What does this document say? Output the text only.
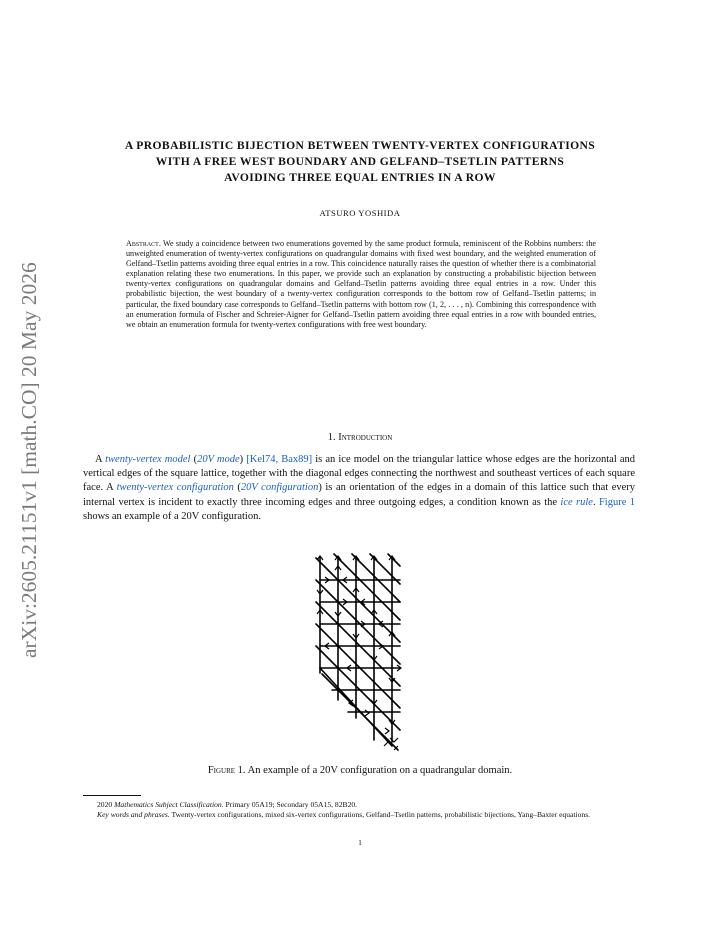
arXiv:2605.21151v1 [math.CO] 20 May 2026
A PROBABILISTIC BIJECTION BETWEEN TWENTY-VERTEX CONFIGURATIONS
WITH A FREE WEST BOUNDARY AND GELFAND–TSETLIN PATTERNS
AVOIDING THREE EQUAL ENTRIES IN A ROW
ATSURO YOSHIDA
Abstract. We study a coincidence between two enumerations governed by the same product formula, reminiscent of the Robbins numbers: the unweighted enumeration of twenty-vertex configurations on quadrangular domains with fixed west boundary, and the weighted enumeration of Gelfand–Tsetlin patterns avoiding three equal entries in a row. This coincidence naturally raises the question of whether there is a combinatorial explanation relating these two enumerations. In this paper, we provide such an explanation by constructing a probabilistic bijection between twenty-vertex configurations on quadrangular domains and Gelfand–Tsetlin patterns avoiding three equal entries in a row. Under this probabilistic bijection, the west boundary of a twenty-vertex configuration corresponds to the bottom row of Gelfand–Tsetlin patterns; in particular, the fixed boundary case corresponds to Gelfand–Tsetlin patterns with bottom row (1, 2, . . . , n). Combining this correspondence with an enumeration formula of Fischer and Schreier-Aigner for Gelfand–Tsetlin pattern avoiding three equal entries in a row with bounded entries, we obtain an enumeration formula for twenty-vertex configurations with free west boundary.
1. Introduction
A twenty-vertex model (20V mode) [Kel74, Bax89] is an ice model on the triangular lattice whose edges are the horizontal and vertical edges of the square lattice, together with the diagonal edges connecting the northwest and southeast vertices of each square face. A twenty-vertex configuration (20V configuration) is an orientation of the edges in a domain of this lattice such that every internal vertex is incident to exactly three incoming edges and three outgoing edges, a condition known as the ice rule. Figure 1 shows an example of a 20V configuration.
Figure 1. An example of a 20V configuration on a quadrangular domain.

2020 Mathematics Subject Classification. Primary 05A19; Secondary 05A15, 82B20.

Key words and phrases. Twenty-vertex configurations, mixed six-vertex configurations, Gelfand–Tsetlin patterns, probabilistic bijections, Yang–Baxter equations.

1
